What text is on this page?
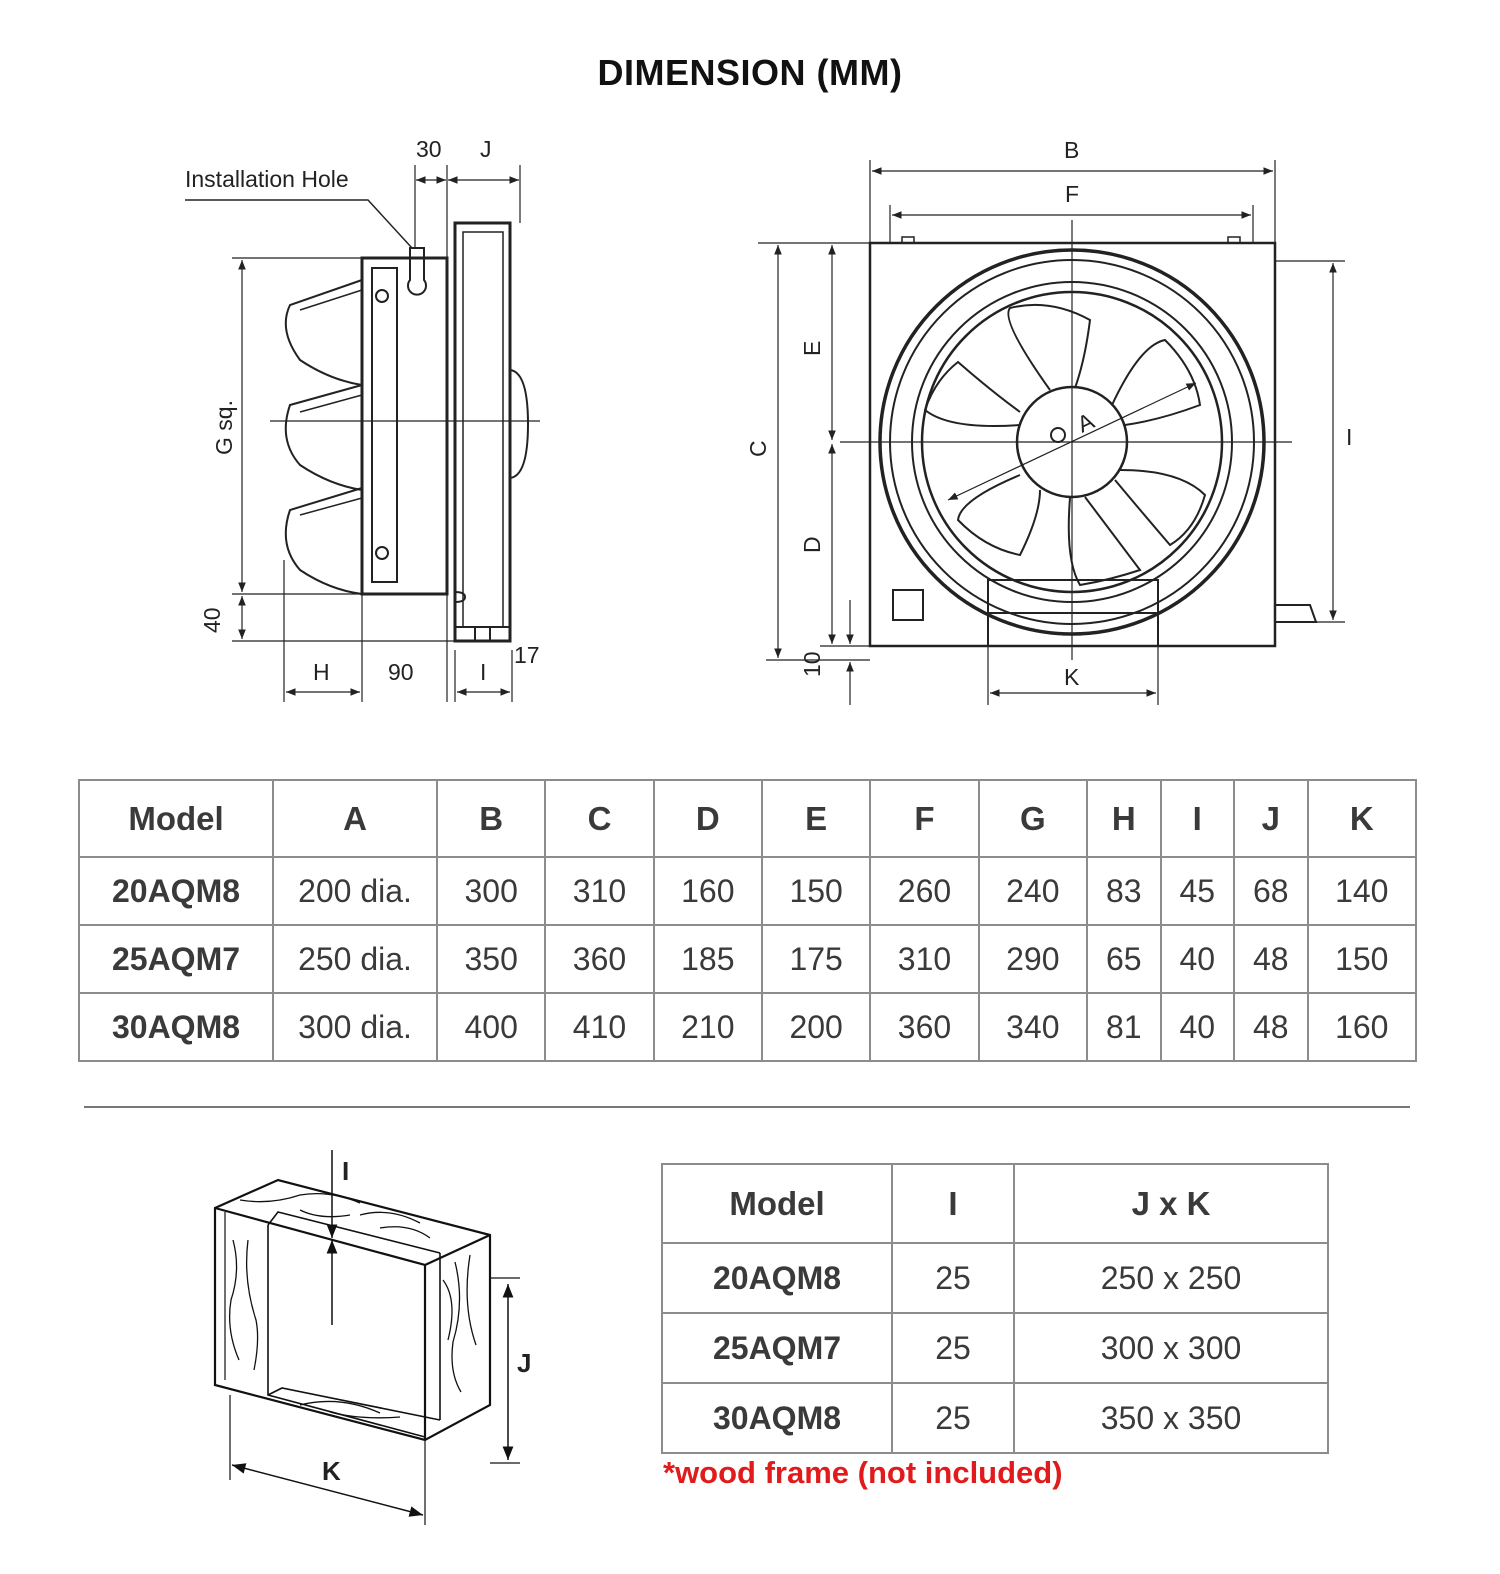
DIMENSION (MM)
Installation Hole
30 J
G sq.
40
H	90	I
17
B
F
E
C
D
10
A
K
I
Model	A	B	C	D	E	F	G	H	I	J	K
20AQM8	200 dia.	300	310	160	150	260	240	83	45	68	140
25AQM7	250 dia.	350	360	185	175	310	290	65	40	48	150
30AQM8	300 dia.	400	410	210	200	360	340	81	40	48	160
I
J
K
Model	I	J x K
20AQM8	25	250 x 250
25AQM7	25	300 x 300
30AQM8	25	350 x 350
*wood frame (not included)
